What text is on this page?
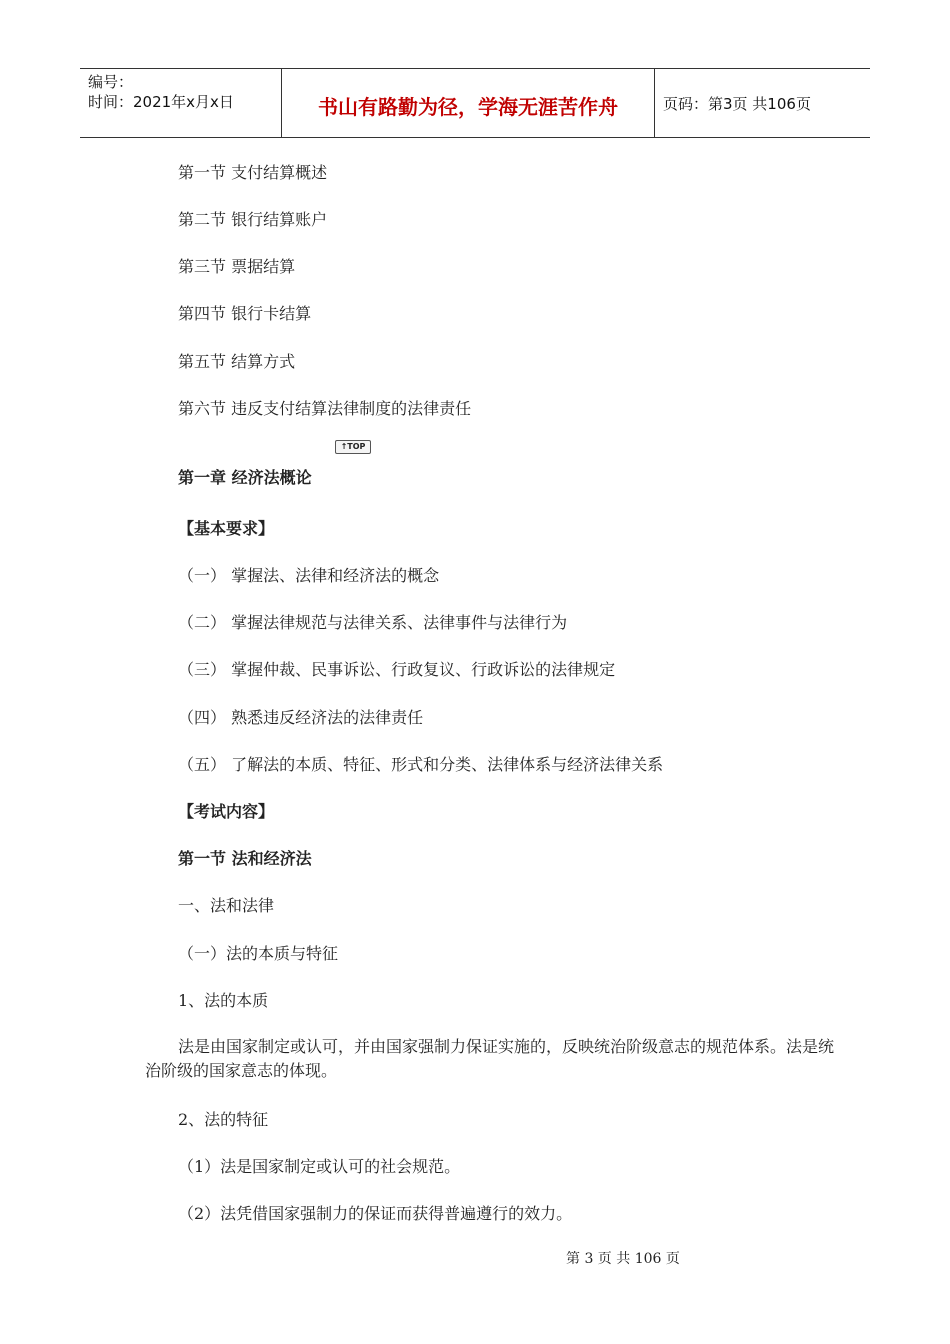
编号：
时间：2021年x月x日	书山有路勤为径，学海无涯苦作舟	页码：第3页 共106页
第一节 支付结算概述
第二节 银行结算账户
第三节 票据结算
第四节 银行卡结算
第五节 结算方式
第六节 违反支付结算法律制度的法律责任
↑TOP
第一章 经济法概论
【基本要求】
（一） 掌握法、法律和经济法的概念
（二） 掌握法律规范与法律关系、法律事件与法律行为
（三） 掌握仲裁、民事诉讼、行政复议、行政诉讼的法律规定
（四） 熟悉违反经济法的法律责任
（五） 了解法的本质、特征、形式和分类、法律体系与经济法律关系
【考试内容】
第一节 法和经济法
一、法和法律
（一）法的本质与特征
1、法的本质
法是由国家制定或认可，并由国家强制力保证实施的，反映统治阶级意志的规范体系。法是统治阶级的国家意志的体现。
2、法的特征
（1）法是国家制定或认可的社会规范。
（2）法凭借国家强制力的保证而获得普遍遵行的效力。
第 3 页 共 106 页
